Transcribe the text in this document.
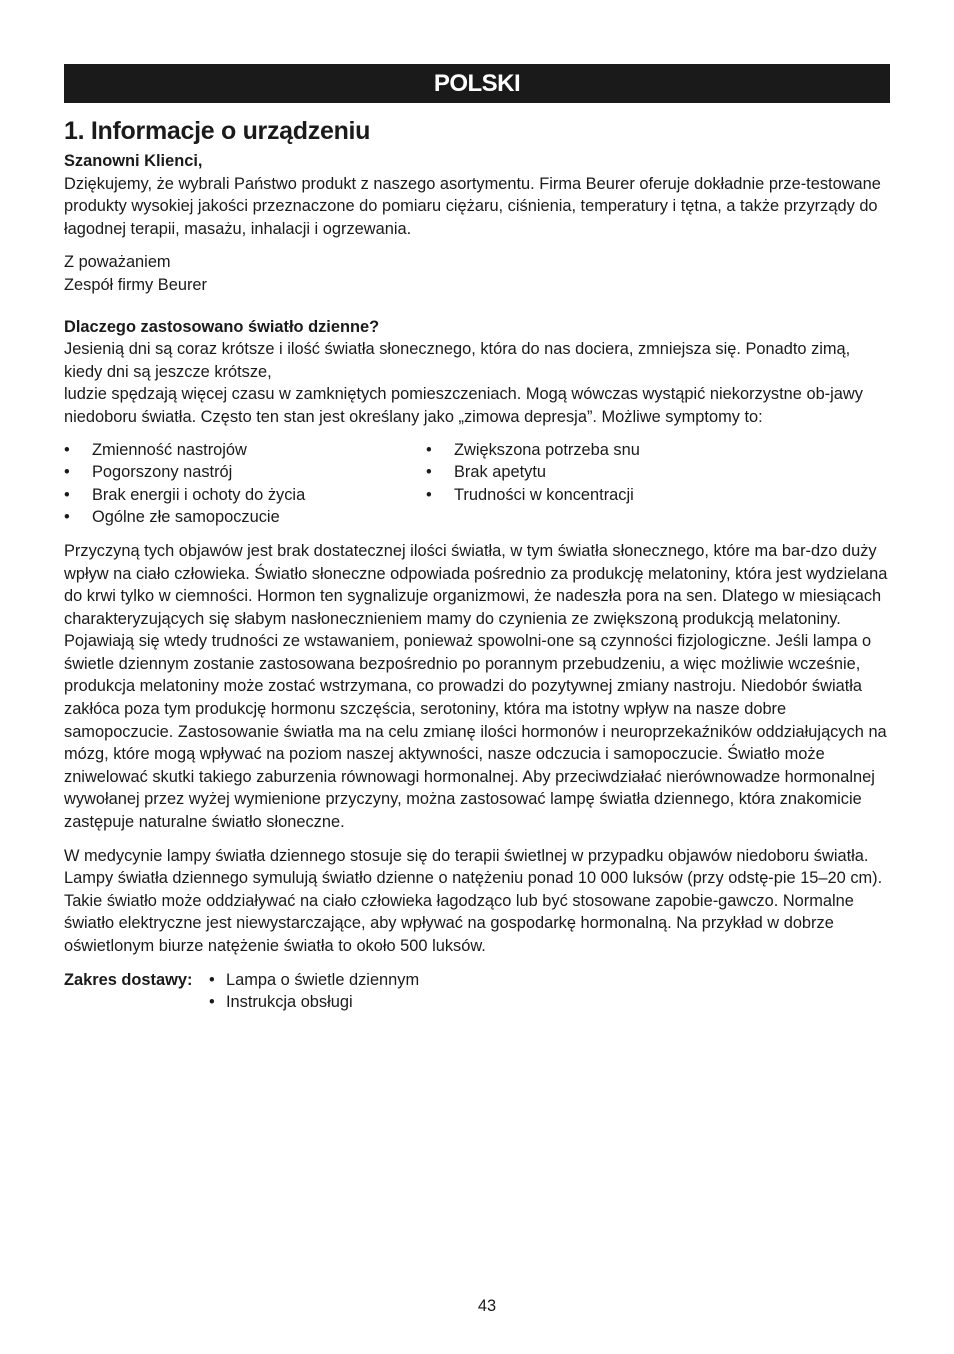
POLSKI
1. Informacje o urządzeniu

Szanowni Klienci,

Dziękujemy, że wybrali Państwo produkt z naszego asortymentu. Firma Beurer oferuje dokładnie prze-testowane produkty wysokiej jakości przeznaczone do pomiaru ciężaru, ciśnienia, temperatury i tętna, a także przyrządy do łagodnej terapii, masażu, inhalacji i ogrzewania.

Z poważaniem

Zespół firmy Beurer

Dlaczego zastosowano światło dzienne?

Jesienią dni są coraz krótsze i ilość światła słonecznego, która do nas dociera, zmniejsza się. Ponadto zimą, kiedy dni są jeszcze krótsze,

ludzie spędzają więcej czasu w zamkniętych pomieszczeniach. Mogą wówczas wystąpić niekorzystne ob-jawy niedoboru światła. Często ten stan jest określany jako „zimowa depresja”. Możliwe symptomy to:

• Zmienność nastrojów
• Pogorszony nastrój
• Brak energii i ochoty do życia
• Ogólne złe samopoczucie
• Zwiększona potrzeba snu
• Brak apetytu
• Trudności w koncentracji

Przyczyną tych objawów jest brak dostatecznej ilości światła, w tym światła słonecznego, które ma bar-dzo duży wpływ na ciało człowieka. Światło słoneczne odpowiada pośrednio za produkcję melatoniny, która jest wydzielana do krwi tylko w ciemności. Hormon ten sygnalizuje organizmowi, że nadeszła pora na sen. Dlatego w miesiącach charakteryzujących się słabym nasłonecznieniem mamy do czynienia ze zwiększoną produkcją melatoniny. Pojawiają się wtedy trudności ze wstawaniem, ponieważ spowolni-one są czynności fizjologiczne. Jeśli lampa o świetle dziennym zostanie zastosowana bezpośrednio po porannym przebudzeniu, a więc możliwie wcześnie, produkcja melatoniny może zostać wstrzymana, co prowadzi do pozytywnej zmiany nastroju. Niedobór światła zakłóca poza tym produkcję hormonu szczęścia, serotoniny, która ma istotny wpływ na nasze dobre samopoczucie. Zastosowanie światła ma na celu zmianę ilości hormonów i neuroprzekaźników oddziałujących na mózg, które mogą wpływać na poziom naszej aktywności, nasze odczucia i samopoczucie. Światło może zniwelować skutki takiego zaburzenia równowagi hormonalnej. Aby przeciwdziałać nierównowadze hormonalnej wywołanej przez wyżej wymienione przyczyny, można zastosować lampę światła dziennego, która znakomicie zastępuje naturalne światło słoneczne.

W medycynie lampy światła dziennego stosuje się do terapii świetlnej w przypadku objawów niedoboru światła. Lampy światła dziennego symulują światło dzienne o natężeniu ponad 10 000 luksów (przy odstę-pie 15–20 cm). Takie światło może oddziaływać na ciało człowieka łagodząco lub być stosowane zapobie-gawczo. Normalne światło elektryczne jest niewystarczające, aby wpływać na gospodarkę hormonalną. Na przykład w dobrze oświetlonym biurze natężenie światła to około 500 luksów.

Zakres dostawy:
•	Lampa o świetle dziennym
• Instrukcja obsługi
43
